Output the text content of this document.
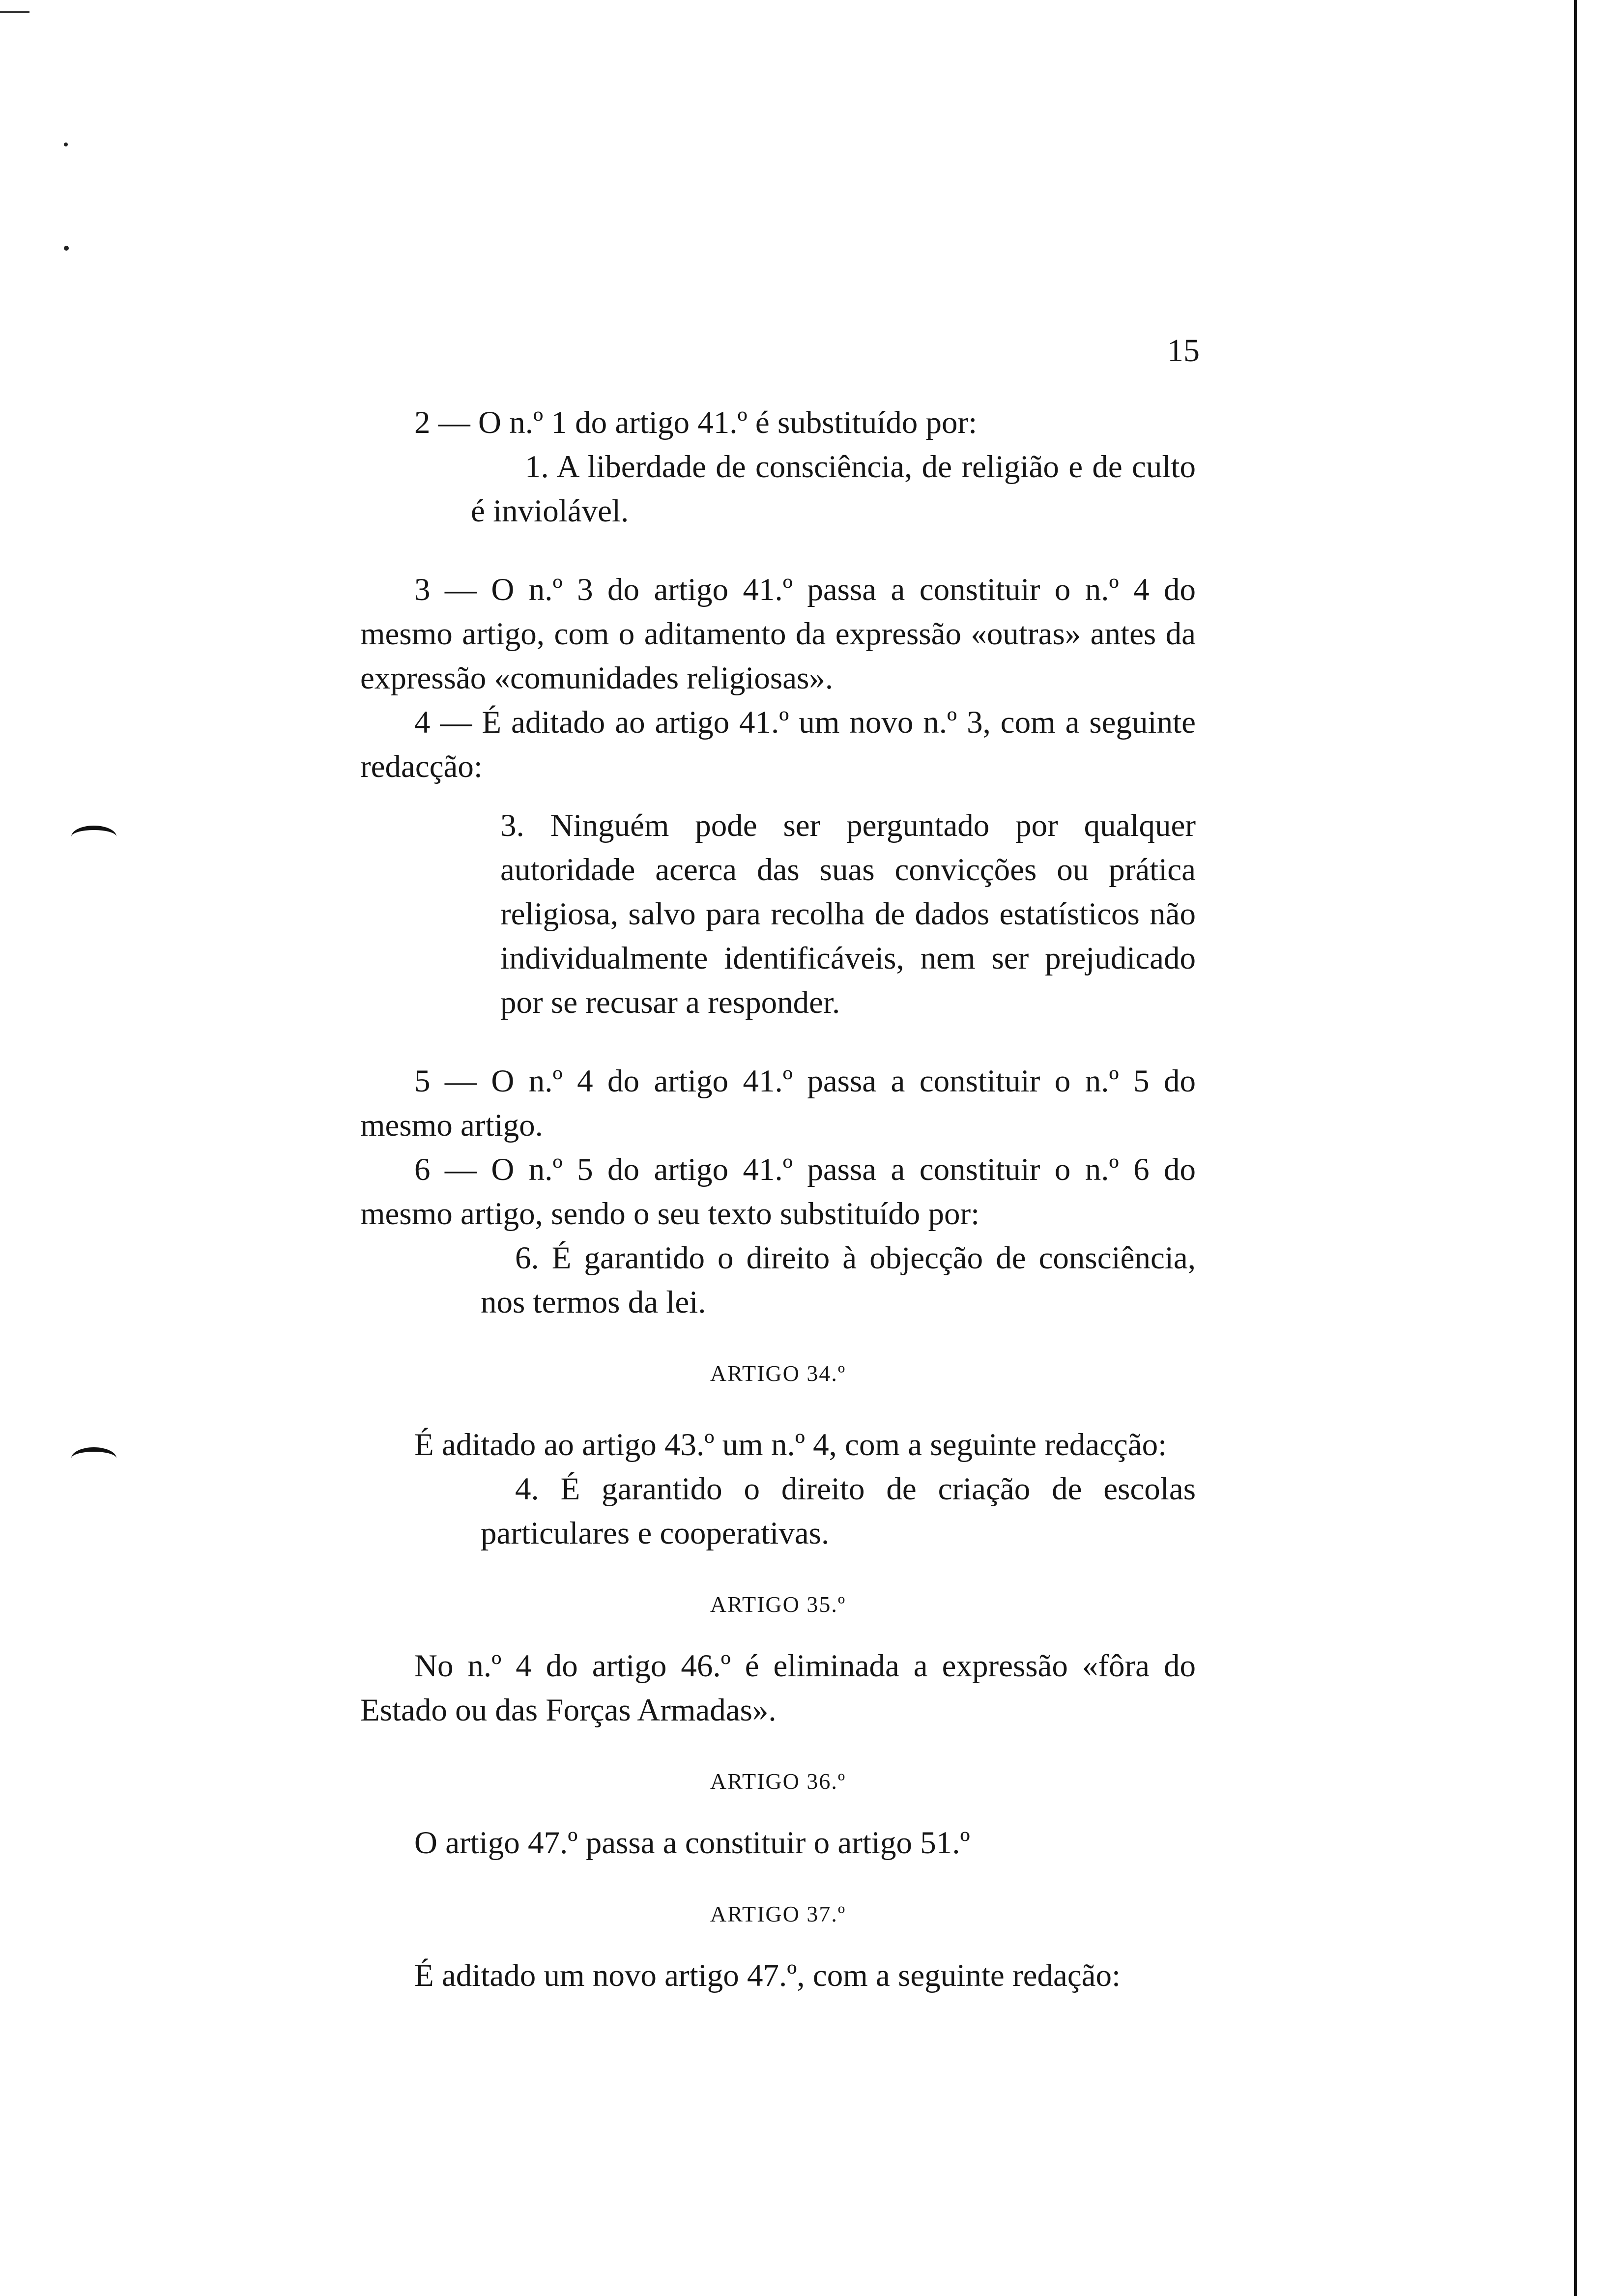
15

2 — O n.º 1 do artigo 41.º é substituído por:

1. A liberdade de consciência, de religião e de culto é inviolável.

3 — O n.º 3 do artigo 41.º passa a constituir o n.º 4 do mesmo artigo, com o aditamento da expressão «outras» antes da expressão «comunidades religiosas».

4 — É aditado ao artigo 41.º um novo n.º 3, com a seguinte redacção:

3. Ninguém pode ser perguntado por qualquer autoridade acerca das suas convicções ou prática religiosa, salvo para recolha de dados estatísticos não individualmente identificáveis, nem ser prejudicado por se recusar a responder.

5 — O n.º 4 do artigo 41.º passa a constituir o n.º 5 do mesmo artigo.

6 — O n.º 5 do artigo 41.º passa a constituir o n.º 6 do mesmo artigo, sendo o seu texto substituído por:

6. É garantido o direito à objecção de consciência, nos termos da lei.

ARTIGO 34.º

É aditado ao artigo 43.º um n.º 4, com a seguinte redacção:

4. É garantido o direito de criação de escolas particulares e cooperativas.

ARTIGO 35.º

No n.º 4 do artigo 46.º é eliminada a expressão «fôra do Estado ou das Forças Armadas».

ARTIGO 36.º

O artigo 47.º passa a constituir o artigo 51.º

ARTIGO 37.º

É aditado um novo artigo 47.º, com a seguinte redação:
